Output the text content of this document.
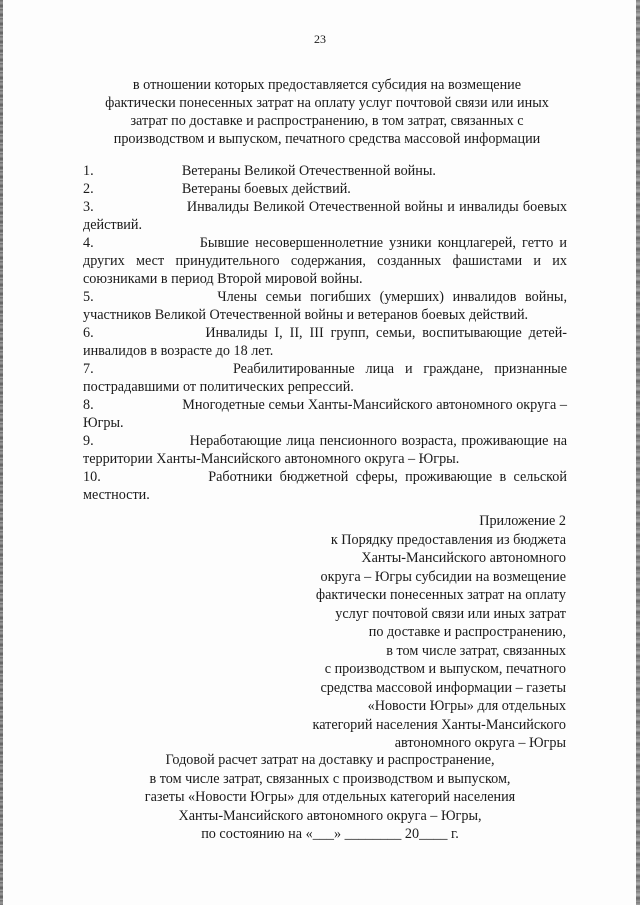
23
в отношении которых предоставляется субсидия на возмещение
фактически понесенных затрат на оплату услуг почтовой связи или иных
затрат по доставке и распространению, в том затрат, связанных с
производством и выпуском, печатного средства массовой информации

1.	Ветераны Великой Отечественной войны.

2.	Ветераны боевых действий.

3.	Инвалиды Великой Отечественной войны и инвалиды боевых действий.

4.	Бывшие несовершеннолетние узники концлагерей, гетто и других мест принудительного содержания, созданных фашистами и их союзниками в период Второй мировой войны.

5.	Члены семьи погибших (умерших) инвалидов войны, участников Великой Отечественной войны и ветеранов боевых действий.

6.	Инвалиды I, II, III групп, семьи, воспитывающие детей-инвалидов в возрасте до 18 лет.

7.	Реабилитированные лица и граждане, признанные пострадавшими от политических репрессий.

8.	Многодетные семьи Ханты-Мансийского автономного округа – Югры.

9.	Неработающие лица пенсионного возраста, проживающие на территории Ханты-Мансийского автономного округа – Югры.

10.	Работники бюджетной сферы, проживающие в сельской местности.

Приложение 2
к Порядку предоставления из бюджета
Ханты-Мансийского автономного
округа – Югры субсидии на возмещение
фактически понесенных затрат на оплату
услуг почтовой связи или иных затрат
по доставке и распространению,
в том числе затрат, связанных
с производством и выпуском, печатного
средства массовой информации – газеты
«Новости Югры» для отдельных
категорий населения Ханты-Мансийского
автономного округа – Югры
Годовой расчет затрат на доставку и распространение,
в том числе затрат, связанных с производством и выпуском,
газеты «Новости Югры» для отдельных категорий населения
Ханты-Мансийского автономного округа – Югры,
по состоянию на «___» ________ 20____ г.
